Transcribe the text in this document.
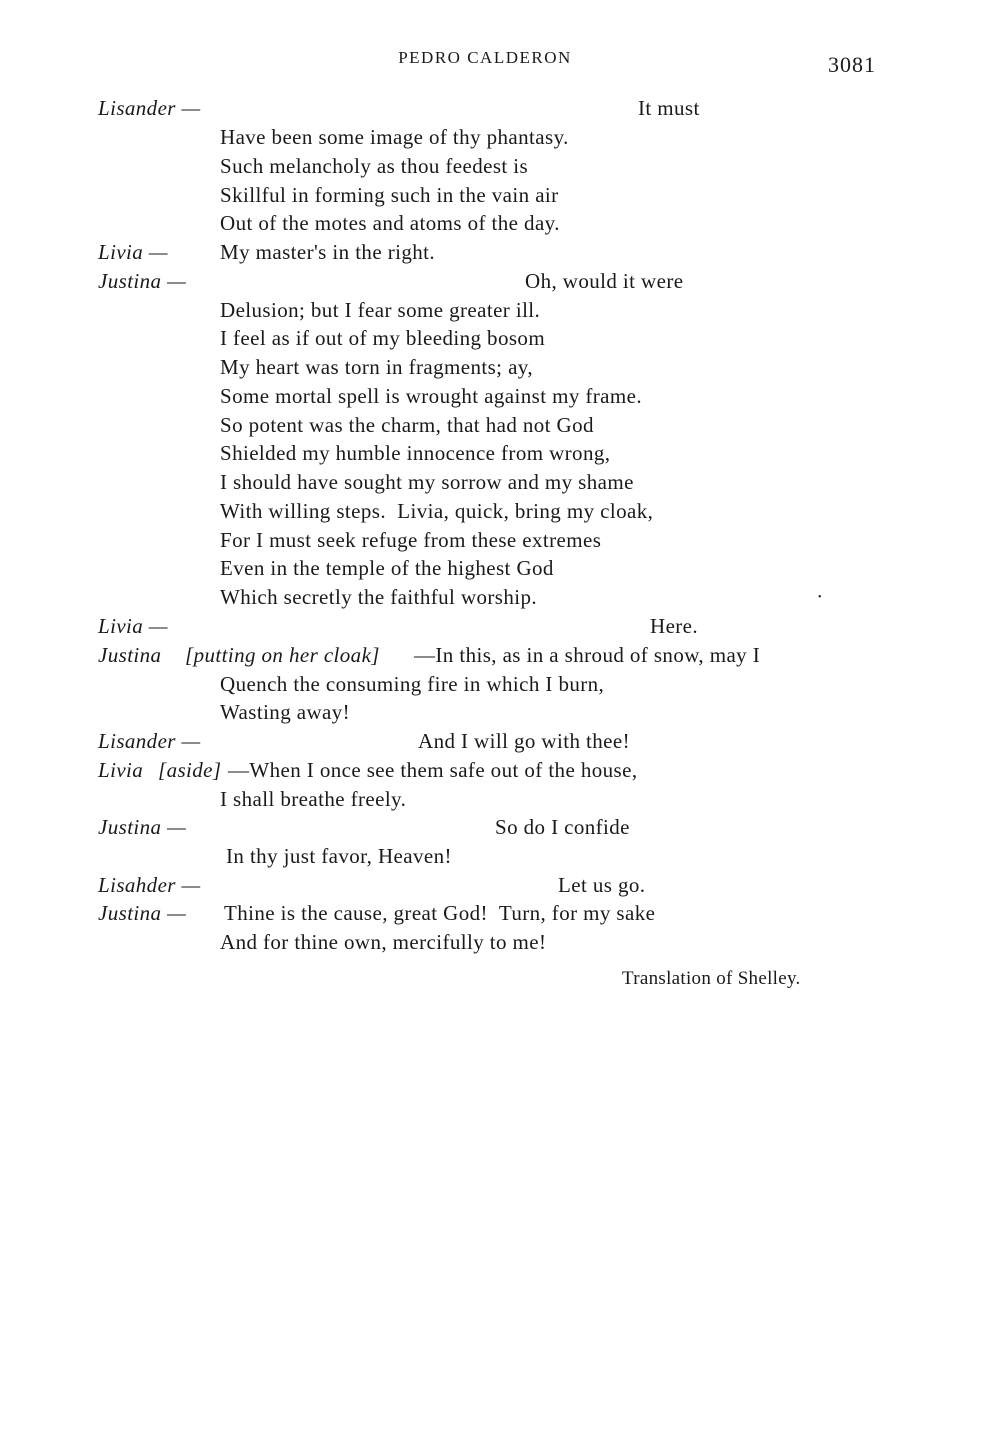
PEDRO CALDERON	3081
Lisander —	It must
Have been some image of thy phantasy.
Such melancholy as thou feedest is
Skillful in forming such in the vain air
Out of the motes and atoms of the day.
Livia — My master's in the right.
Justina —	Oh, would it were
Delusion; but I fear some greater ill.
I feel as if out of my bleeding bosom
My heart was torn in fragments; ay,
Some mortal spell is wrought against my frame.
So potent was the charm, that had not God
Shielded my humble innocence from wrong,
I should have sought my sorrow and my shame
With willing steps.  Livia, quick, bring my cloak,
For I must seek refuge from these extremes
Even in the temple of the highest God
Which secretly the faithful worship.	•
Livia —	Here.
Justina [putting on her cloak] —In this, as in a shroud of snow, may I
Quench the consuming fire in which I burn,
Wasting away!
Lisander —	And I will go with thee!
Livia [aside] —When I once see them safe out of the house,
I shall breathe freely.
Justina —	So do I confide
In thy just favor, Heaven!
Lisahder —	Let us go.
Justina — Thine is the cause, great God!  Turn, for my sake
And for thine own, mercifully to me!
Translation of Shelley.
